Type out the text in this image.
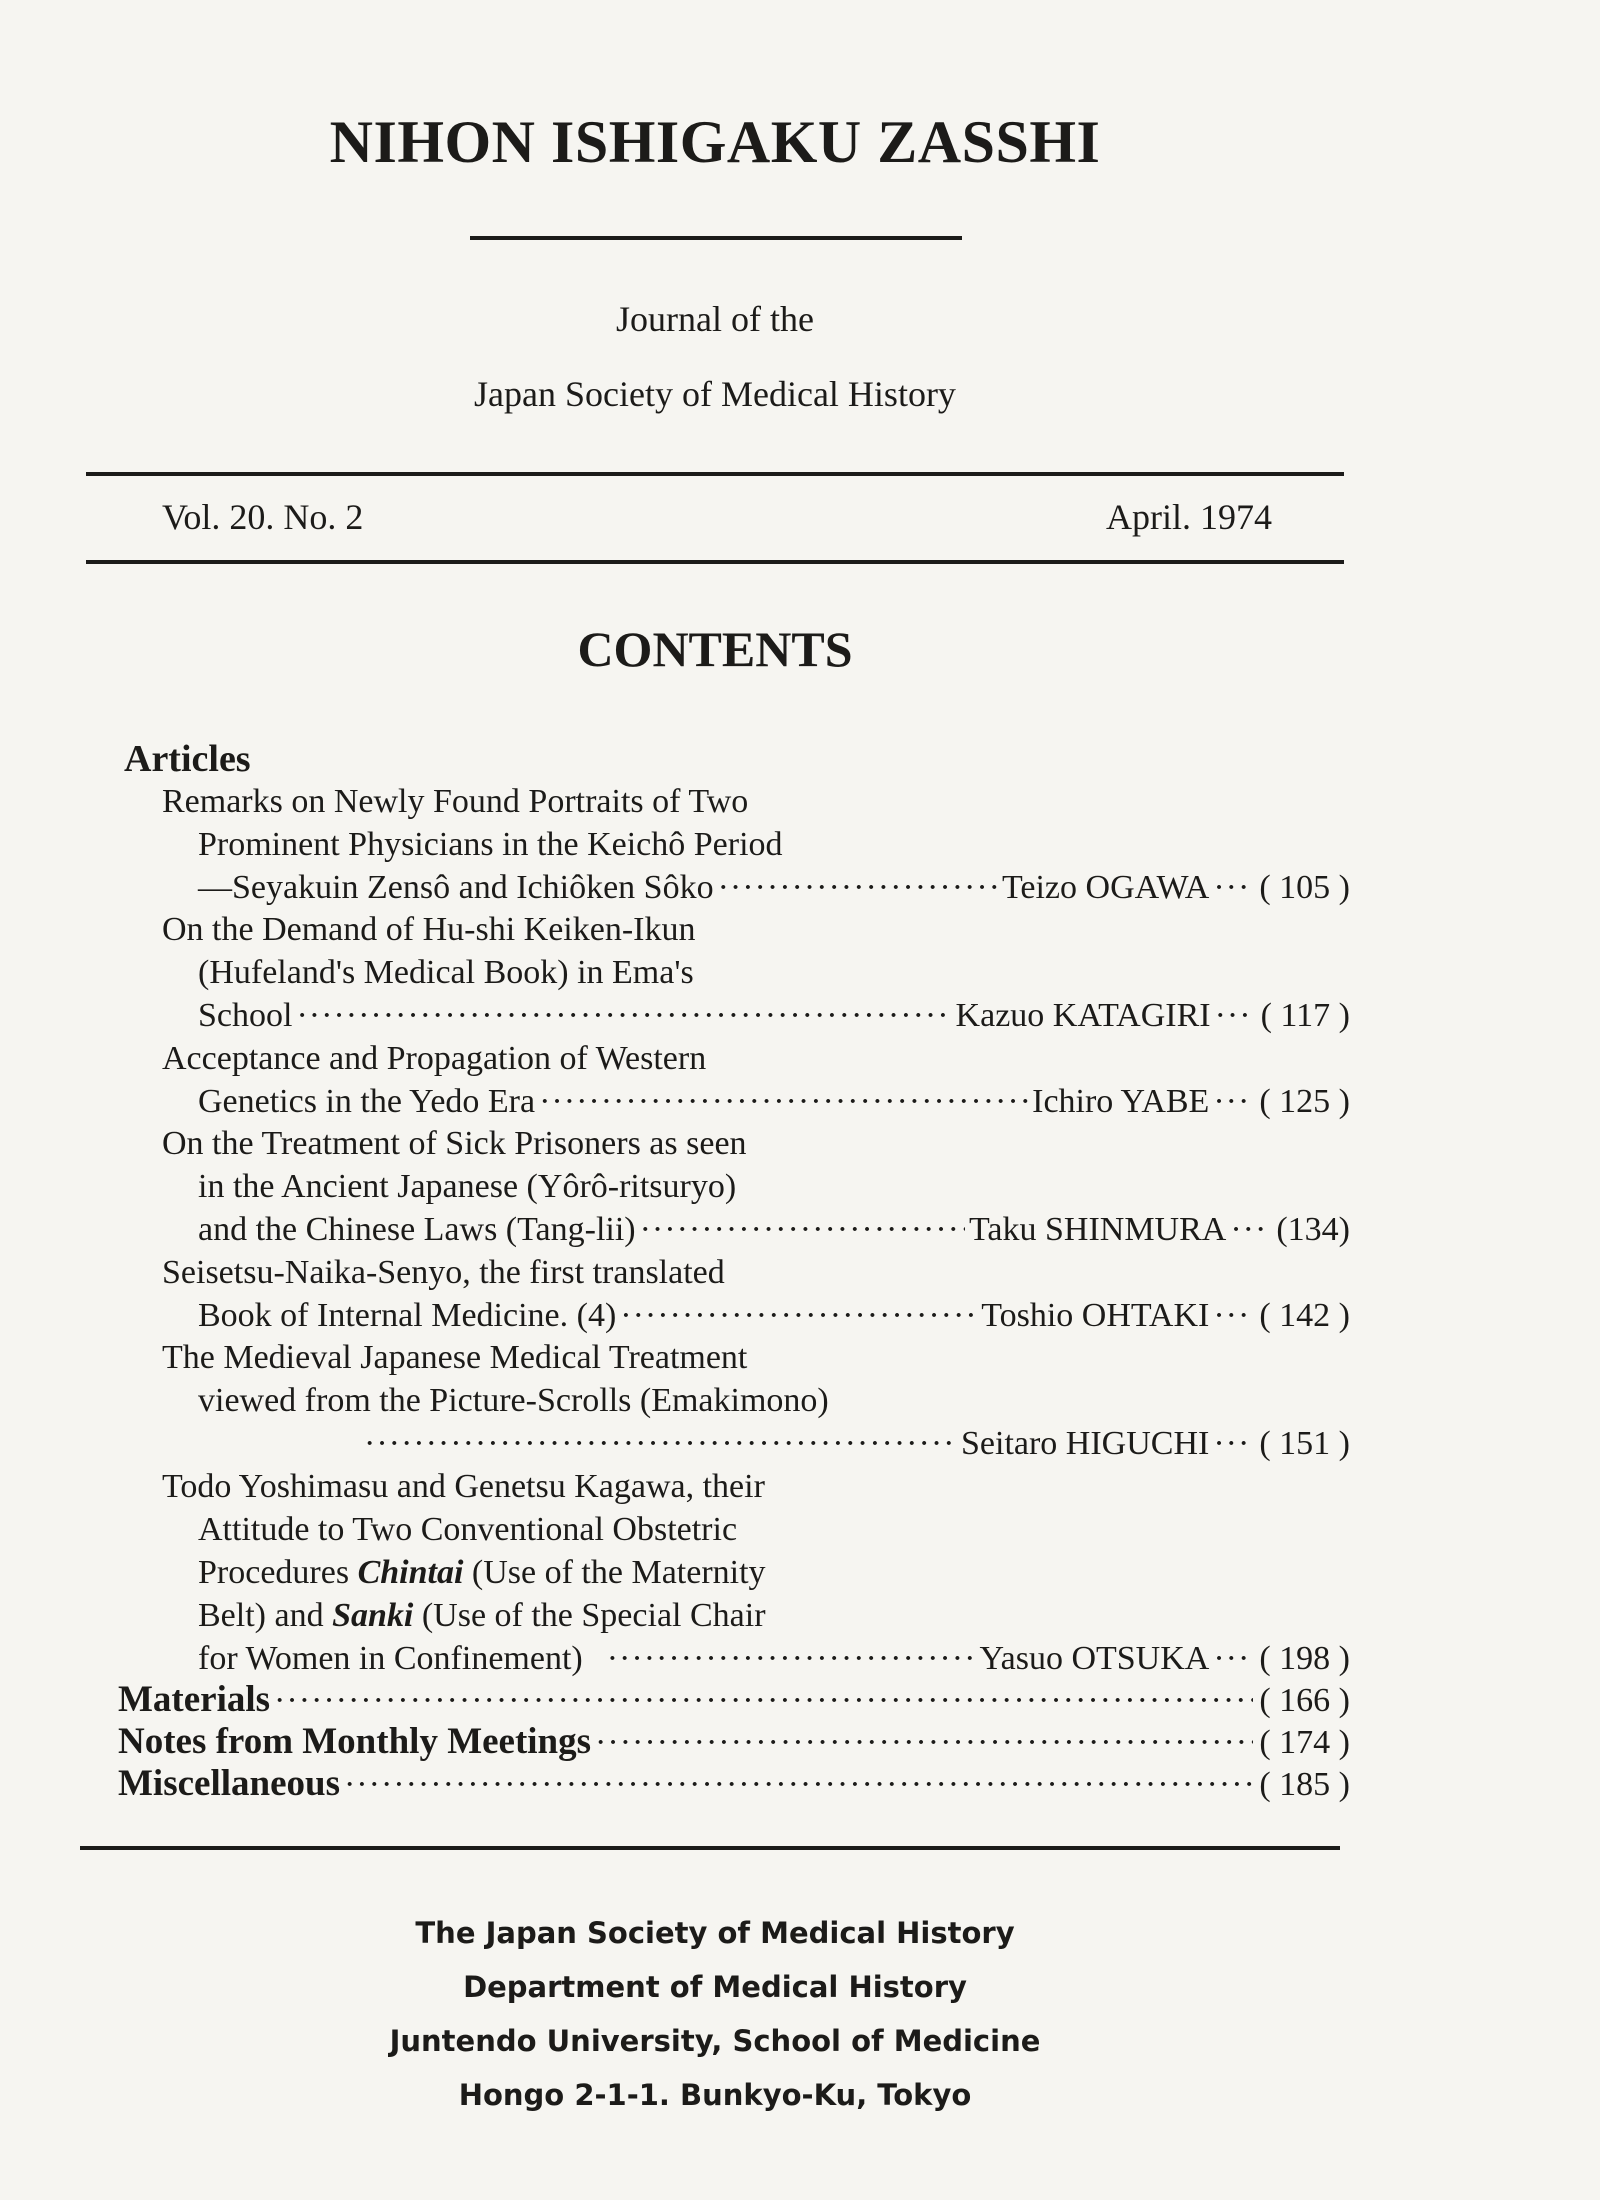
NIHON ISHIGAKU ZASSHI
Journal of the
Japan Society of Medical History
Vol. 20. No. 2	April. 1974
CONTENTS
Articles
Remarks on Newly Found Portraits of Two
Prominent Physicians in the Keichô Period
—Seyakuin Zensô and Ichiôken Sôko ·····	Teizo OGAWA ····· ( 105 )
On the Demand of Hu-shi Keiken-Ikun
(Hufeland's Medical Book) in Ema's
School ·····	Kazuo KATAGIRI ····· ( 117 )
Acceptance and Propagation of Western
Genetics in the Yedo Era ·····	Ichiro YABE ····· ( 125 )
On the Treatment of Sick Prisoners as seen
in the Ancient Japanese (Yôrô-ritsuryo)
and the Chinese Laws (Tang-lii) ·····	Taku SHINMURA ····· (134)
Seisetsu-Naika-Senyo, the first translated
Book of Internal Medicine. (4) ·····	Toshio OHTAKI ····· ( 142 )
The Medieval Japanese Medical Treatment
viewed from the Picture-Scrolls (Emakimono)
·····
Seitaro HIGUCHI ····· ( 151 )
Todo Yoshimasu and Genetsu Kagawa, their
Attitude to Two Conventional Obstetric
Procedures Chintai (Use of the Maternity
Belt) and Sanki (Use of the Special Chair
for Women in Confinement) ·····	Yasuo OTSUKA ····· ( 198 )
Materials ·····	( 166 )
Notes from Monthly Meetings ·····	( 174 )
Miscellaneous ·····	( 185 )
The Japan Society of Medical History
Department of Medical History
Juntendo University, School of Medicine
Hongo 2-1-1. Bunkyo-Ku, Tokyo
